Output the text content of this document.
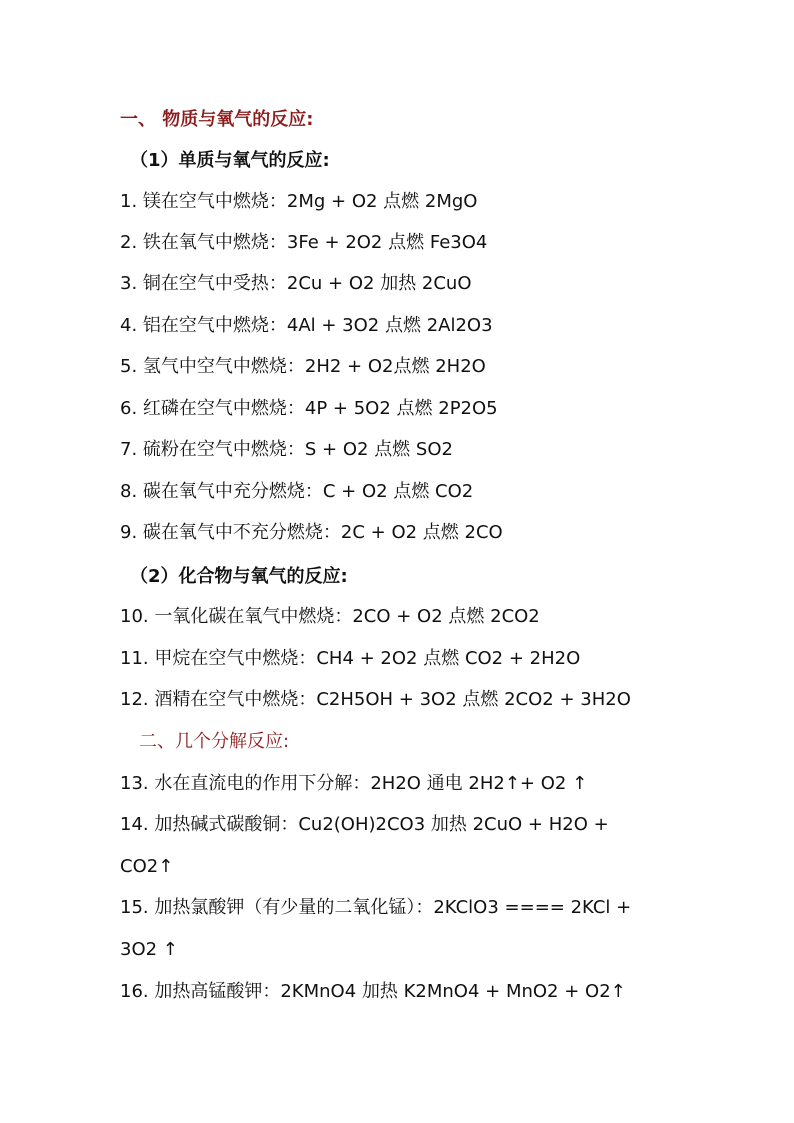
一、 物质与氧气的反应:
（1）单质与氧气的反应:
1. 镁在空气中燃烧：2Mg + O2 点燃 2MgO
2. 铁在氧气中燃烧：3Fe + 2O2 点燃 Fe3O4
3. 铜在空气中受热：2Cu + O2 加热 2CuO
4. 铝在空气中燃烧：4Al + 3O2 点燃 2Al2O3
5. 氢气中空气中燃烧：2H2 + O2点燃 2H2O
6. 红磷在空气中燃烧：4P + 5O2 点燃 2P2O5
7. 硫粉在空气中燃烧：S + O2 点燃 SO2
8. 碳在氧气中充分燃烧：C + O2 点燃 CO2
9. 碳在氧气中不充分燃烧：2C + O2 点燃 2CO
（2）化合物与氧气的反应:
10. 一氧化碳在氧气中燃烧：2CO + O2 点燃 2CO2
11. 甲烷在空气中燃烧：CH4 + 2O2 点燃 CO2 + 2H2O
12. 酒精在空气中燃烧：C2H5OH + 3O2 点燃 2CO2 + 3H2O
二、几个分解反应:
13. 水在直流电的作用下分解：2H2O 通电 2H2↑+ O2 ↑
14. 加热碱式碳酸铜：Cu2(OH)2CO3 加热 2CuO + H2O +
CO2↑
15. 加热氯酸钾（有少量的二氧化锰）：2KClO3 ==== 2KCl +
3O2 ↑
16. 加热高锰酸钾：2KMnO4 加热 K2MnO4 + MnO2 + O2↑
